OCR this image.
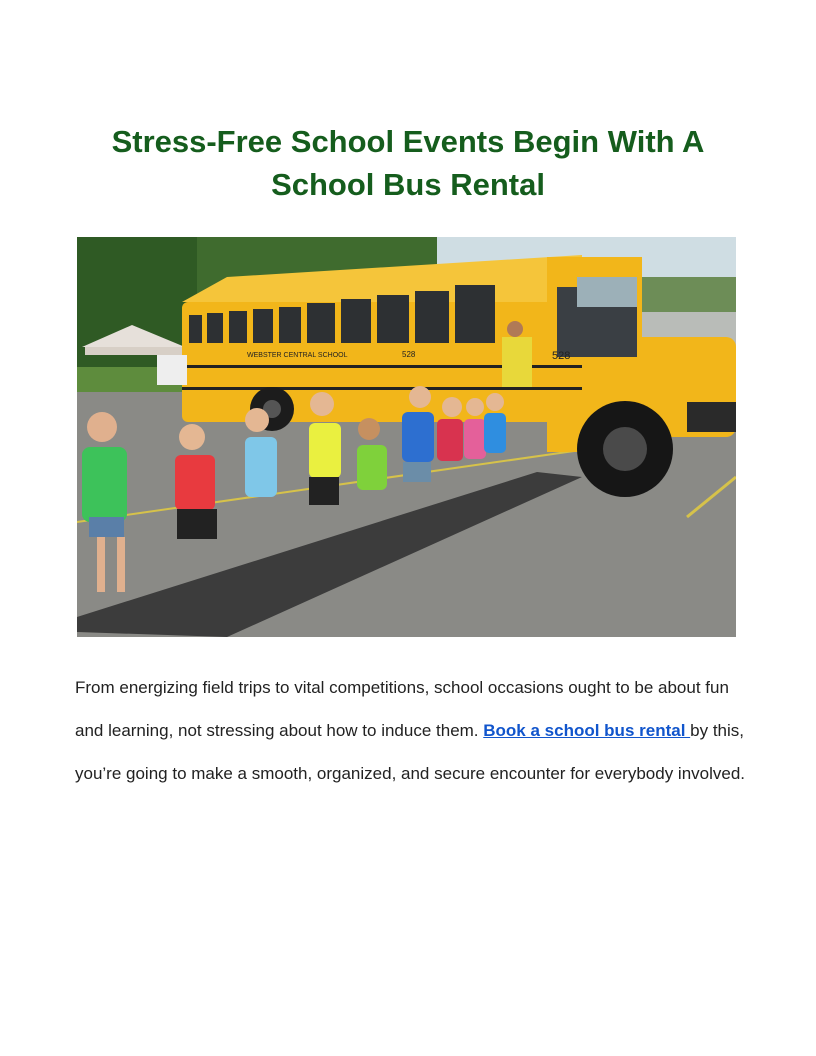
Stress-Free School Events Begin With A School Bus Rental
WEBSTER CENTRAL SCHOOL	528	528

From energizing field trips to vital competitions, school occasions ought to be about fun and learning, not stressing about how to induce them. Book a school bus rental by this, you’re going to make a smooth, organized, and secure encounter for everybody involved.
